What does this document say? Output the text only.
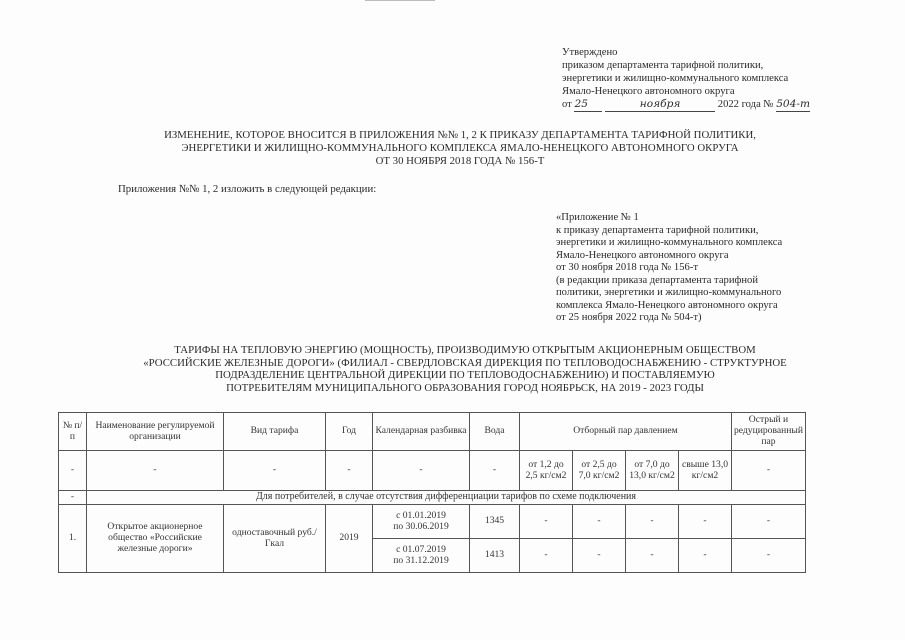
Утверждено
приказом департамента тарифной политики,
энергетики и жилищно-коммунального комплекса
Ямало-Ненецкого автономного округа
от 25	ноября	2022 года № 504-т
ИЗМЕНЕНИЕ, КОТОРОЕ ВНОСИТСЯ В ПРИЛОЖЕНИЯ №№ 1, 2 К ПРИКАЗУ ДЕПАРТАМЕНТА ТАРИФНОЙ ПОЛИТИКИ,
ЭНЕРГЕТИКИ И ЖИЛИЩНО-КОММУНАЛЬНОГО КОМПЛЕКСА ЯМАЛО-НЕНЕЦКОГО АВТОНОМНОГО ОКРУГА
ОТ 30 НОЯБРЯ 2018 ГОДА № 156-Т
Приложения №№ 1, 2 изложить в следующей редакции:
«Приложение № 1
к приказу департамента тарифной политики,
энергетики и жилищно-коммунального комплекса
Ямало-Ненецкого автономного округа
от 30 ноября 2018 года № 156-т
(в редакции приказа департамента тарифной
политики, энергетики и жилищно-коммунального
комплекса Ямало-Ненецкого автономного округа
от 25 ноября 2022 года № 504-т)
ТАРИФЫ НА ТЕПЛОВУЮ ЭНЕРГИЮ (МОЩНОСТЬ), ПРОИЗВОДИМУЮ ОТКРЫТЫМ АКЦИОНЕРНЫМ ОБЩЕСТВОМ
«РОССИЙСКИЕ ЖЕЛЕЗНЫЕ ДОРОГИ» (ФИЛИАЛ - СВЕРДЛОВСКАЯ ДИРЕКЦИЯ ПО ТЕПЛОВОДОСНАБЖЕНИЮ - СТРУКТУРНОЕ
ПОДРАЗДЕЛЕНИЕ ЦЕНТРАЛЬНОЙ ДИРЕКЦИИ ПО ТЕПЛОВОДОСНАБЖЕНИЮ) И ПОСТАВЛЯЕМУЮ
ПОТРЕБИТЕЛЯМ МУНИЦИПАЛЬНОГО ОБРАЗОВАНИЯ ГОРОД НОЯБРЬСК, НА 2019 - 2023 ГОДЫ
№ п/п	Наименование регулируемой организации	Вид тарифа	Год	Календарная разбивка	Вода	Отборный пар давлением				Острый и редуцированный пар
-	-	-	-	-	-	от 1,2 до 2,5 кг/см2	от 2,5 до 7,0 кг/см2	от 7,0 до 13,0 кг/см2	свыше 13,0 кг/см2	-
-	Для потребителей, в случае отсутствия дифференциации тарифов по схеме подключения									
1.	Открытое акционерное общество «Российские железные дороги»	одноставочный руб./Гкал	2019	с 01.01.2019
по 30.06.2019	1345	-	-	-	-	-

				с 01.07.2019
по 31.12.2019	1413	-	-	-	-	-
